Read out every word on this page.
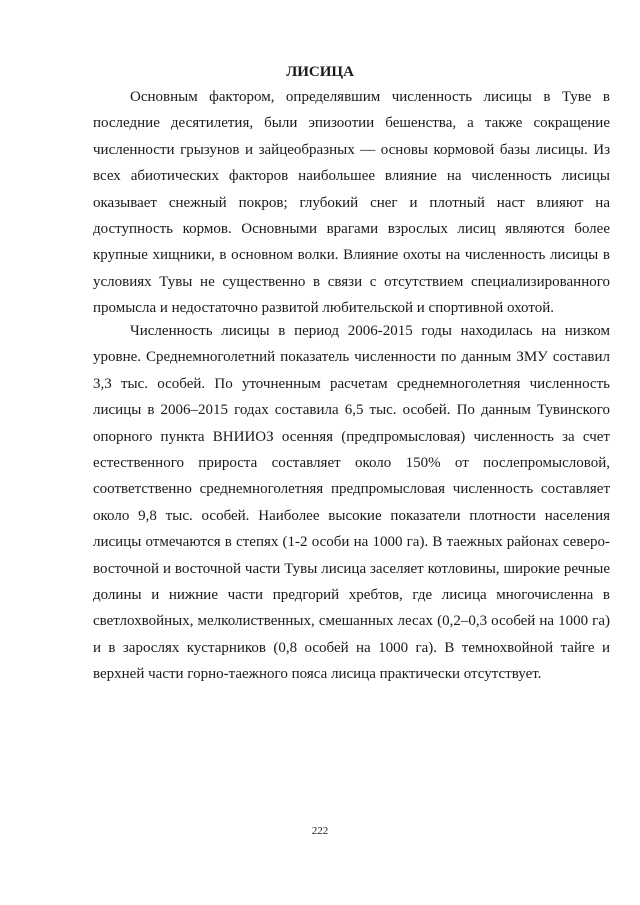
ЛИСИЦА

Основным фактором, определявшим численность лисицы в Туве в последние десятилетия, были эпизоотии бешенства, а также сокращение численности грызунов и зайцеобразных — основы кормовой базы лисицы. Из всех абиотических факторов наибольшее влияние на численность лисицы оказывает снежный покров; глубокий снег и плотный наст влияют на доступность кормов. Основными врагами взрослых лисиц являются более крупные хищники, в основном волки. Влияние охоты на численность лисицы в условиях Тувы не существенно в связи с отсутствием специализированного промысла и недостаточно развитой любительской и спортивной охотой.

Численность лисицы в период 2006-2015 годы находилась на низком уровне. Среднемноголетний показатель численности по данным ЗМУ составил 3,3 тыс. особей. По уточненным расчетам среднемноголетняя численность лисицы в 2006–2015 годах составила 6,5 тыс. особей. По данным Тувинского опорного пункта ВНИИОЗ осенняя (предпромысловая) численность за счет естественного прироста составляет около 150% от послепромысловой, соответственно среднемноголетняя предпромысловая численность составляет около 9,8 тыс. особей. Наиболее высокие показатели плотности населения лисицы отмечаются в степях (1-2 особи на 1000 га). В таежных районах северо-восточной и восточной части Тувы лисица заселяет котловины, широкие речные долины и нижние части предгорий хребтов, где лисица многочисленна в светлохвойных, мелколиственных, смешанных лесах (0,2–0,3 особей на 1000 га) и в зарослях кустарников (0,8 особей на 1000 га). В темнохвойной тайге и верхней части горно-таежного пояса лисица практически отсутствует.

222
